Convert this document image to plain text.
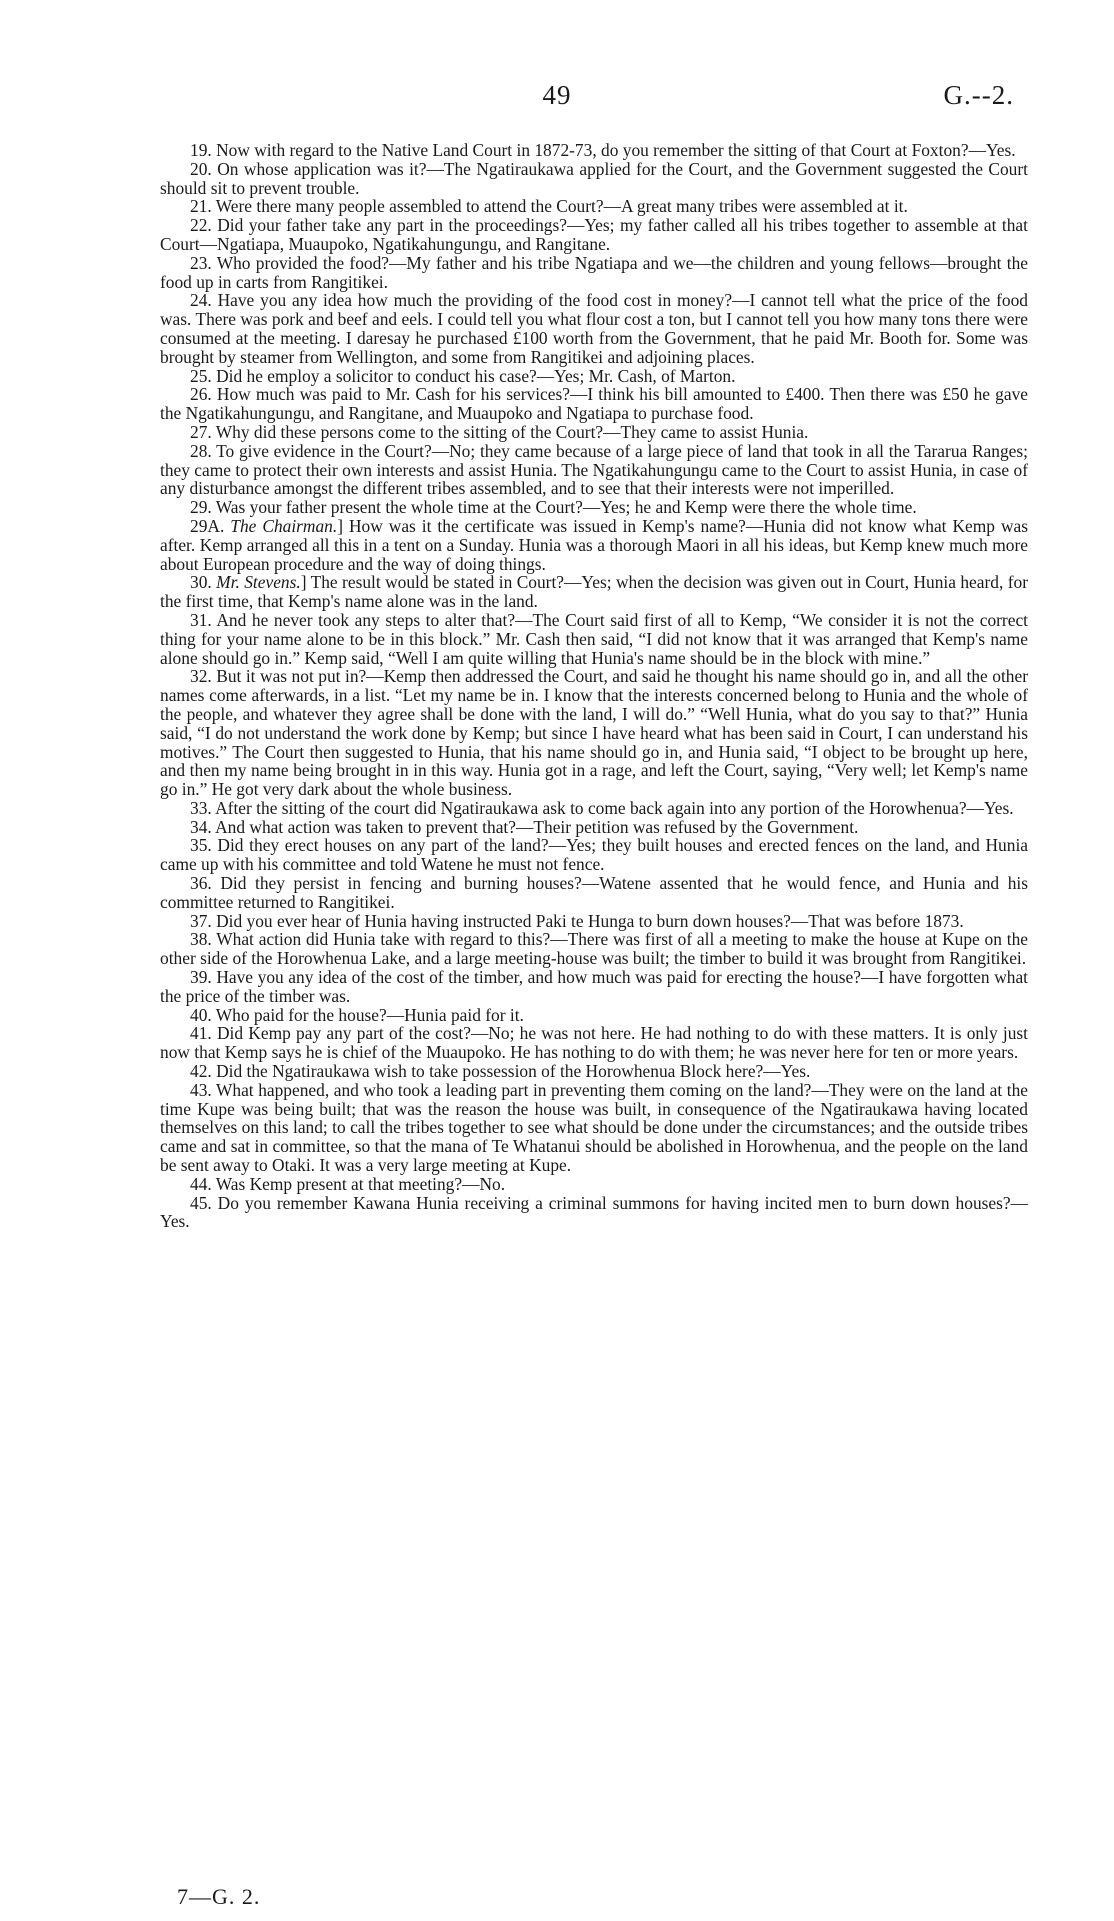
49	G.--2.

19. Now with regard to the Native Land Court in 1872-73, do you remember the sitting of that Court at Foxton?—Yes.

20. On whose application was it?—The Ngatiraukawa applied for the Court, and the Government suggested the Court should sit to prevent trouble.

21. Were there many people assembled to attend the Court?—A great many tribes were assembled at it.

22. Did your father take any part in the proceedings?—Yes; my father called all his tribes together to assemble at that Court—Ngatiapa, Muaupoko, Ngatikahungungu, and Rangitane.

23. Who provided the food?—My father and his tribe Ngatiapa and we—the children and young fellows—brought the food up in carts from Rangitikei.

24. Have you any idea how much the providing of the food cost in money?—I cannot tell what the price of the food was. There was pork and beef and eels. I could tell you what flour cost a ton, but I cannot tell you how many tons there were consumed at the meeting. I daresay he purchased £100 worth from the Government, that he paid Mr. Booth for. Some was brought by steamer from Wellington, and some from Rangitikei and adjoining places.

25. Did he employ a solicitor to conduct his case?—Yes; Mr. Cash, of Marton.

26. How much was paid to Mr. Cash for his services?—I think his bill amounted to £400. Then there was £50 he gave the Ngatikahungungu, and Rangitane, and Muaupoko and Ngatiapa to purchase food.

27. Why did these persons come to the sitting of the Court?—They came to assist Hunia.

28. To give evidence in the Court?—No; they came because of a large piece of land that took in all the Tararua Ranges; they came to protect their own interests and assist Hunia. The Ngatikahungungu came to the Court to assist Hunia, in case of any disturbance amongst the different tribes assembled, and to see that their interests were not imperilled.

29. Was your father present the whole time at the Court?—Yes; he and Kemp were there the whole time.

29A. The Chairman.] How was it the certificate was issued in Kemp's name?—Hunia did not know what Kemp was after. Kemp arranged all this in a tent on a Sunday. Hunia was a thorough Maori in all his ideas, but Kemp knew much more about European procedure and the way of doing things.

30. Mr. Stevens.] The result would be stated in Court?—Yes; when the decision was given out in Court, Hunia heard, for the first time, that Kemp's name alone was in the land.

31. And he never took any steps to alter that?—The Court said first of all to Kemp, “We consider it is not the correct thing for your name alone to be in this block.” Mr. Cash then said, “I did not know that it was arranged that Kemp's name alone should go in.” Kemp said, “Well I am quite willing that Hunia's name should be in the block with mine.”

32. But it was not put in?—Kemp then addressed the Court, and said he thought his name should go in, and all the other names come afterwards, in a list. “Let my name be in. I know that the interests concerned belong to Hunia and the whole of the people, and whatever they agree shall be done with the land, I will do.” “Well Hunia, what do you say to that?” Hunia said, “I do not understand the work done by Kemp; but since I have heard what has been said in Court, I can understand his motives.” The Court then suggested to Hunia, that his name should go in, and Hunia said, “I object to be brought up here, and then my name being brought in in this way. Hunia got in a rage, and left the Court, saying, “Very well; let Kemp's name go in.” He got very dark about the whole business.

33. After the sitting of the court did Ngatiraukawa ask to come back again into any portion of the Horowhenua?—Yes.

34. And what action was taken to prevent that?—Their petition was refused by the Government.

35. Did they erect houses on any part of the land?—Yes; they built houses and erected fences on the land, and Hunia came up with his committee and told Watene he must not fence.

36. Did they persist in fencing and burning houses?—Watene assented that he would fence, and Hunia and his committee returned to Rangitikei.

37. Did you ever hear of Hunia having instructed Paki te Hunga to burn down houses?—That was before 1873.

38. What action did Hunia take with regard to this?—There was first of all a meeting to make the house at Kupe on the other side of the Horowhenua Lake, and a large meeting-house was built; the timber to build it was brought from Rangitikei.

39. Have you any idea of the cost of the timber, and how much was paid for erecting the house?—I have forgotten what the price of the timber was.

40. Who paid for the house?—Hunia paid for it.

41. Did Kemp pay any part of the cost?—No; he was not here. He had nothing to do with these matters. It is only just now that Kemp says he is chief of the Muaupoko. He has nothing to do with them; he was never here for ten or more years.

42. Did the Ngatiraukawa wish to take possession of the Horowhenua Block here?—Yes.

43. What happened, and who took a leading part in preventing them coming on the land?—They were on the land at the time Kupe was being built; that was the reason the house was built, in consequence of the Ngatiraukawa having located themselves on this land; to call the tribes together to see what should be done under the circumstances; and the outside tribes came and sat in committee, so that the mana of Te Whatanui should be abolished in Horowhenua, and the people on the land be sent away to Otaki. It was a very large meeting at Kupe.

44. Was Kemp present at that meeting?—No.

45. Do you remember Kawana Hunia receiving a criminal summons for having incited men to burn down houses?—Yes.

7—G. 2.
